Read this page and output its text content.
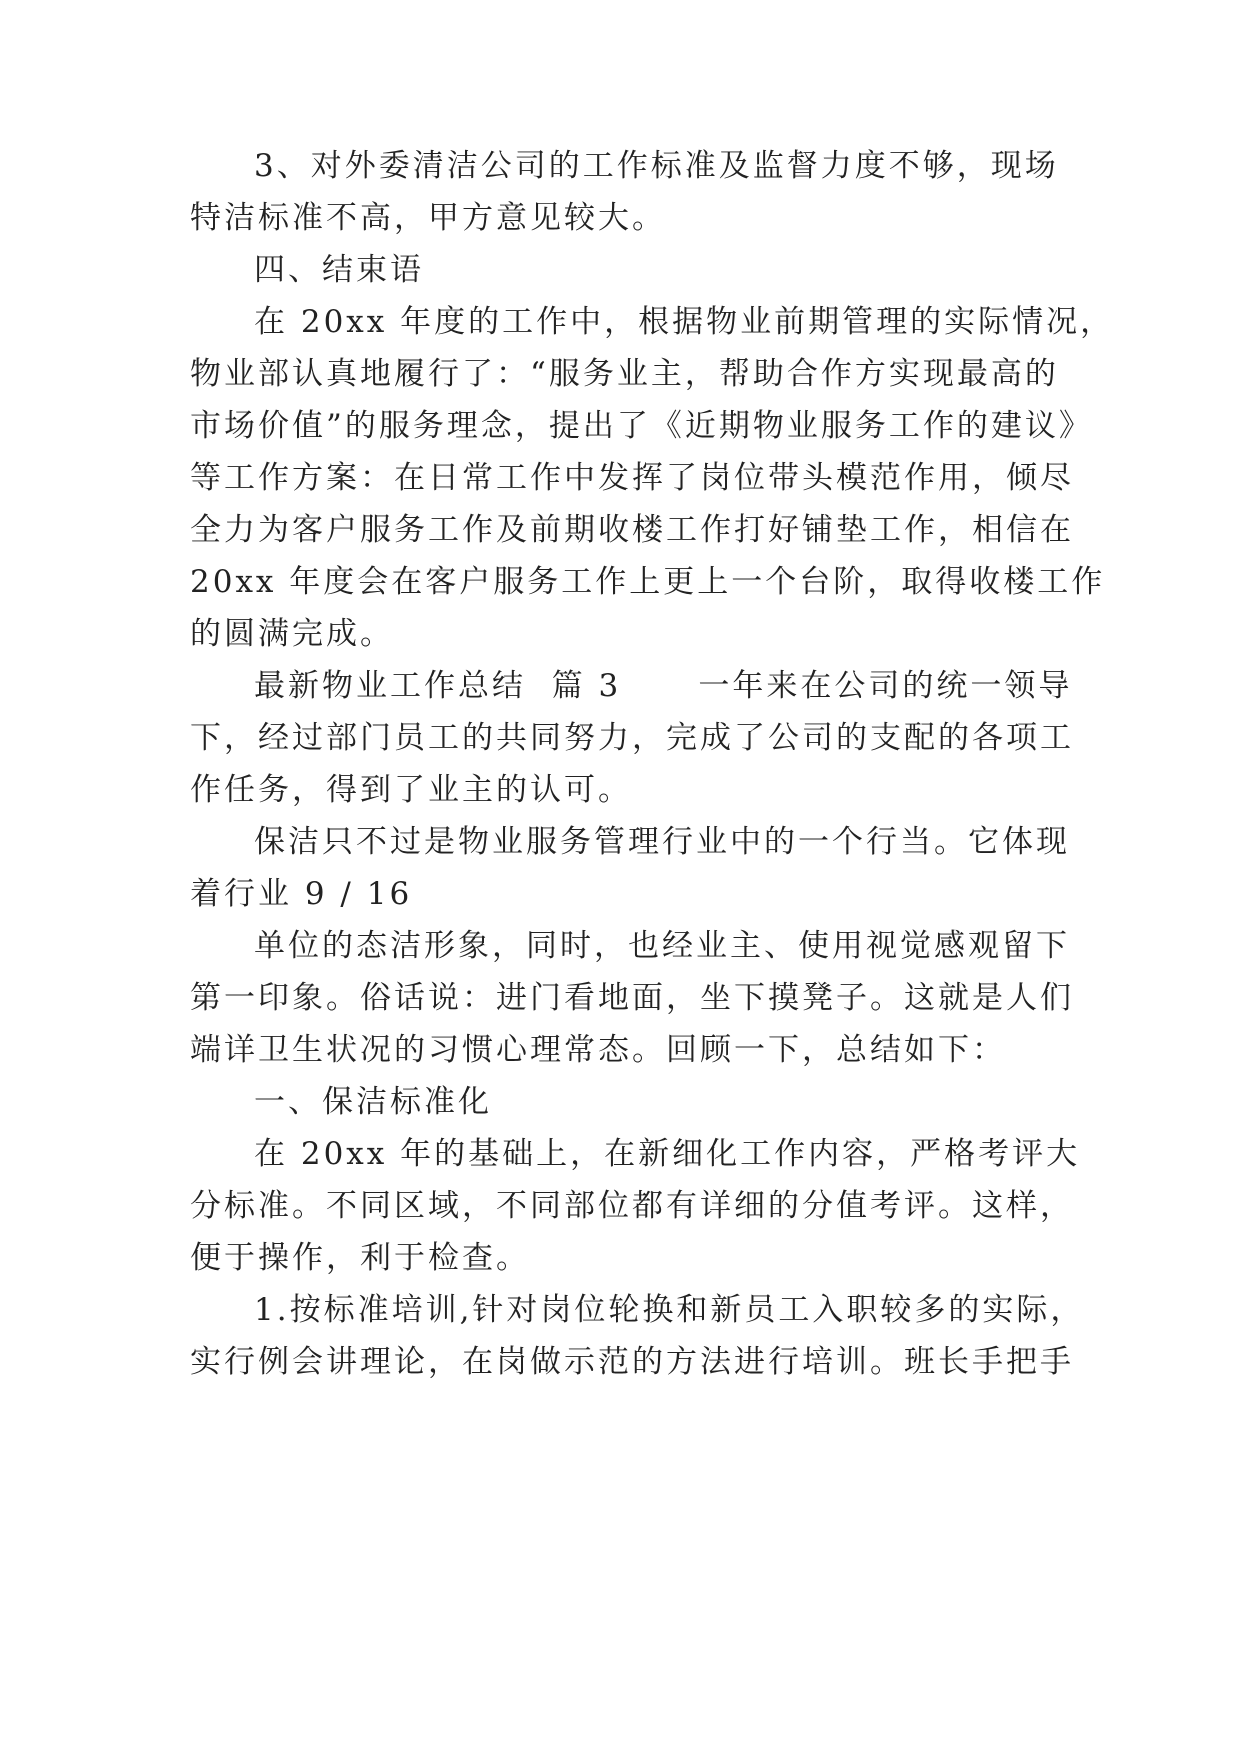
3、对外委清洁公司的工作标准及监督力度不够，现场

特洁标准不高，甲方意见较大。

四、结束语

在 20xx 年度的工作中，根据物业前期管理的实际情况，

物业部认真地履行了：“服务业主，帮助合作方实现最高的

市场价值”的服务理念，提出了《近期物业服务工作的建议》

等工作方案：在日常工作中发挥了岗位带头模范作用，倾尽

全力为客户服务工作及前期收楼工作打好铺垫工作，相信在

20xx 年度会在客户服务工作上更上一个台阶，取得收楼工作

的圆满完成。

最新物业工作总结  篇 3      一年来在公司的统一领导

下，经过部门员工的共同努力，完成了公司的支配的各项工

作任务，得到了业主的认可。

保洁只不过是物业服务管理行业中的一个行当。它体现

着行业 9 / 16

单位的态洁形象，同时，也经业主、使用视觉感观留下

第一印象。俗话说：进门看地面，坐下摸凳子。这就是人们

端详卫生状况的习惯心理常态。回顾一下，总结如下：

一、保洁标准化

在 20xx 年的基础上，在新细化工作内容，严格考评大

分标准。不同区域，不同部位都有详细的分值考评。这样，

便于操作，利于检查。

1.按标准培训,针对岗位轮换和新员工入职较多的实际，

实行例会讲理论，在岗做示范的方法进行培训。班长手把手
